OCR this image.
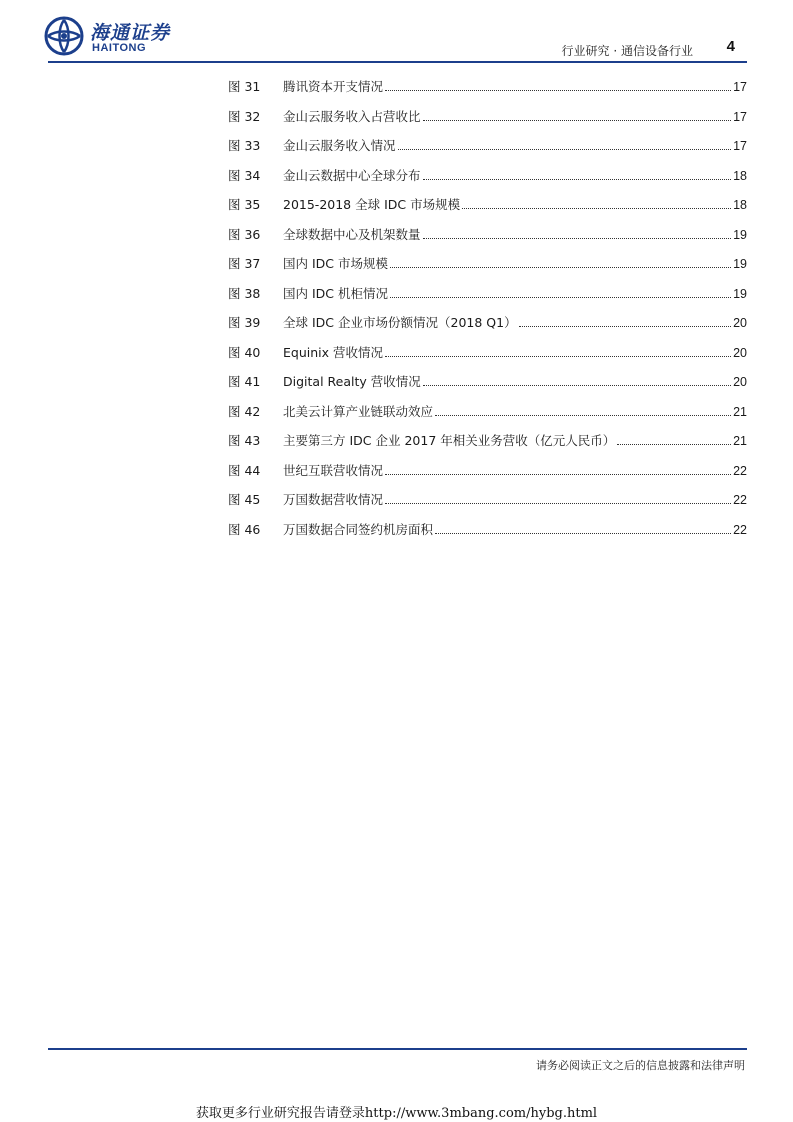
海通证券
HAITONG	行业研究 · 通信设备行业 4
图 31	腾讯资本开支情况	17
图 32	金山云服务收入占营收比	17
图 33	金山云服务收入情况	17
图 34	金山云数据中心全球分布	18
图 35	2015-2018 全球 IDC 市场规模	18
图 36	全球数据中心及机架数量	19
图 37	国内 IDC 市场规模	19
图 38	国内 IDC 机柜情况	19
图 39	全球 IDC 企业市场份额情况（2018 Q1）	20
图 40	Equinix 营收情况	20
图 41	Digital Realty 营收情况	20
图 42	北美云计算产业链联动效应	21
图 43	主要第三方 IDC 企业 2017 年相关业务营收（亿元人民币）	21
图 44	世纪互联营收情况	22
图 45	万国数据营收情况	22
图 46	万国数据合同签约机房面积	22
请务必阅读正文之后的信息披露和法律声明
获取更多行业研究报告请登录http://www.3mbang.com/hybg.html
